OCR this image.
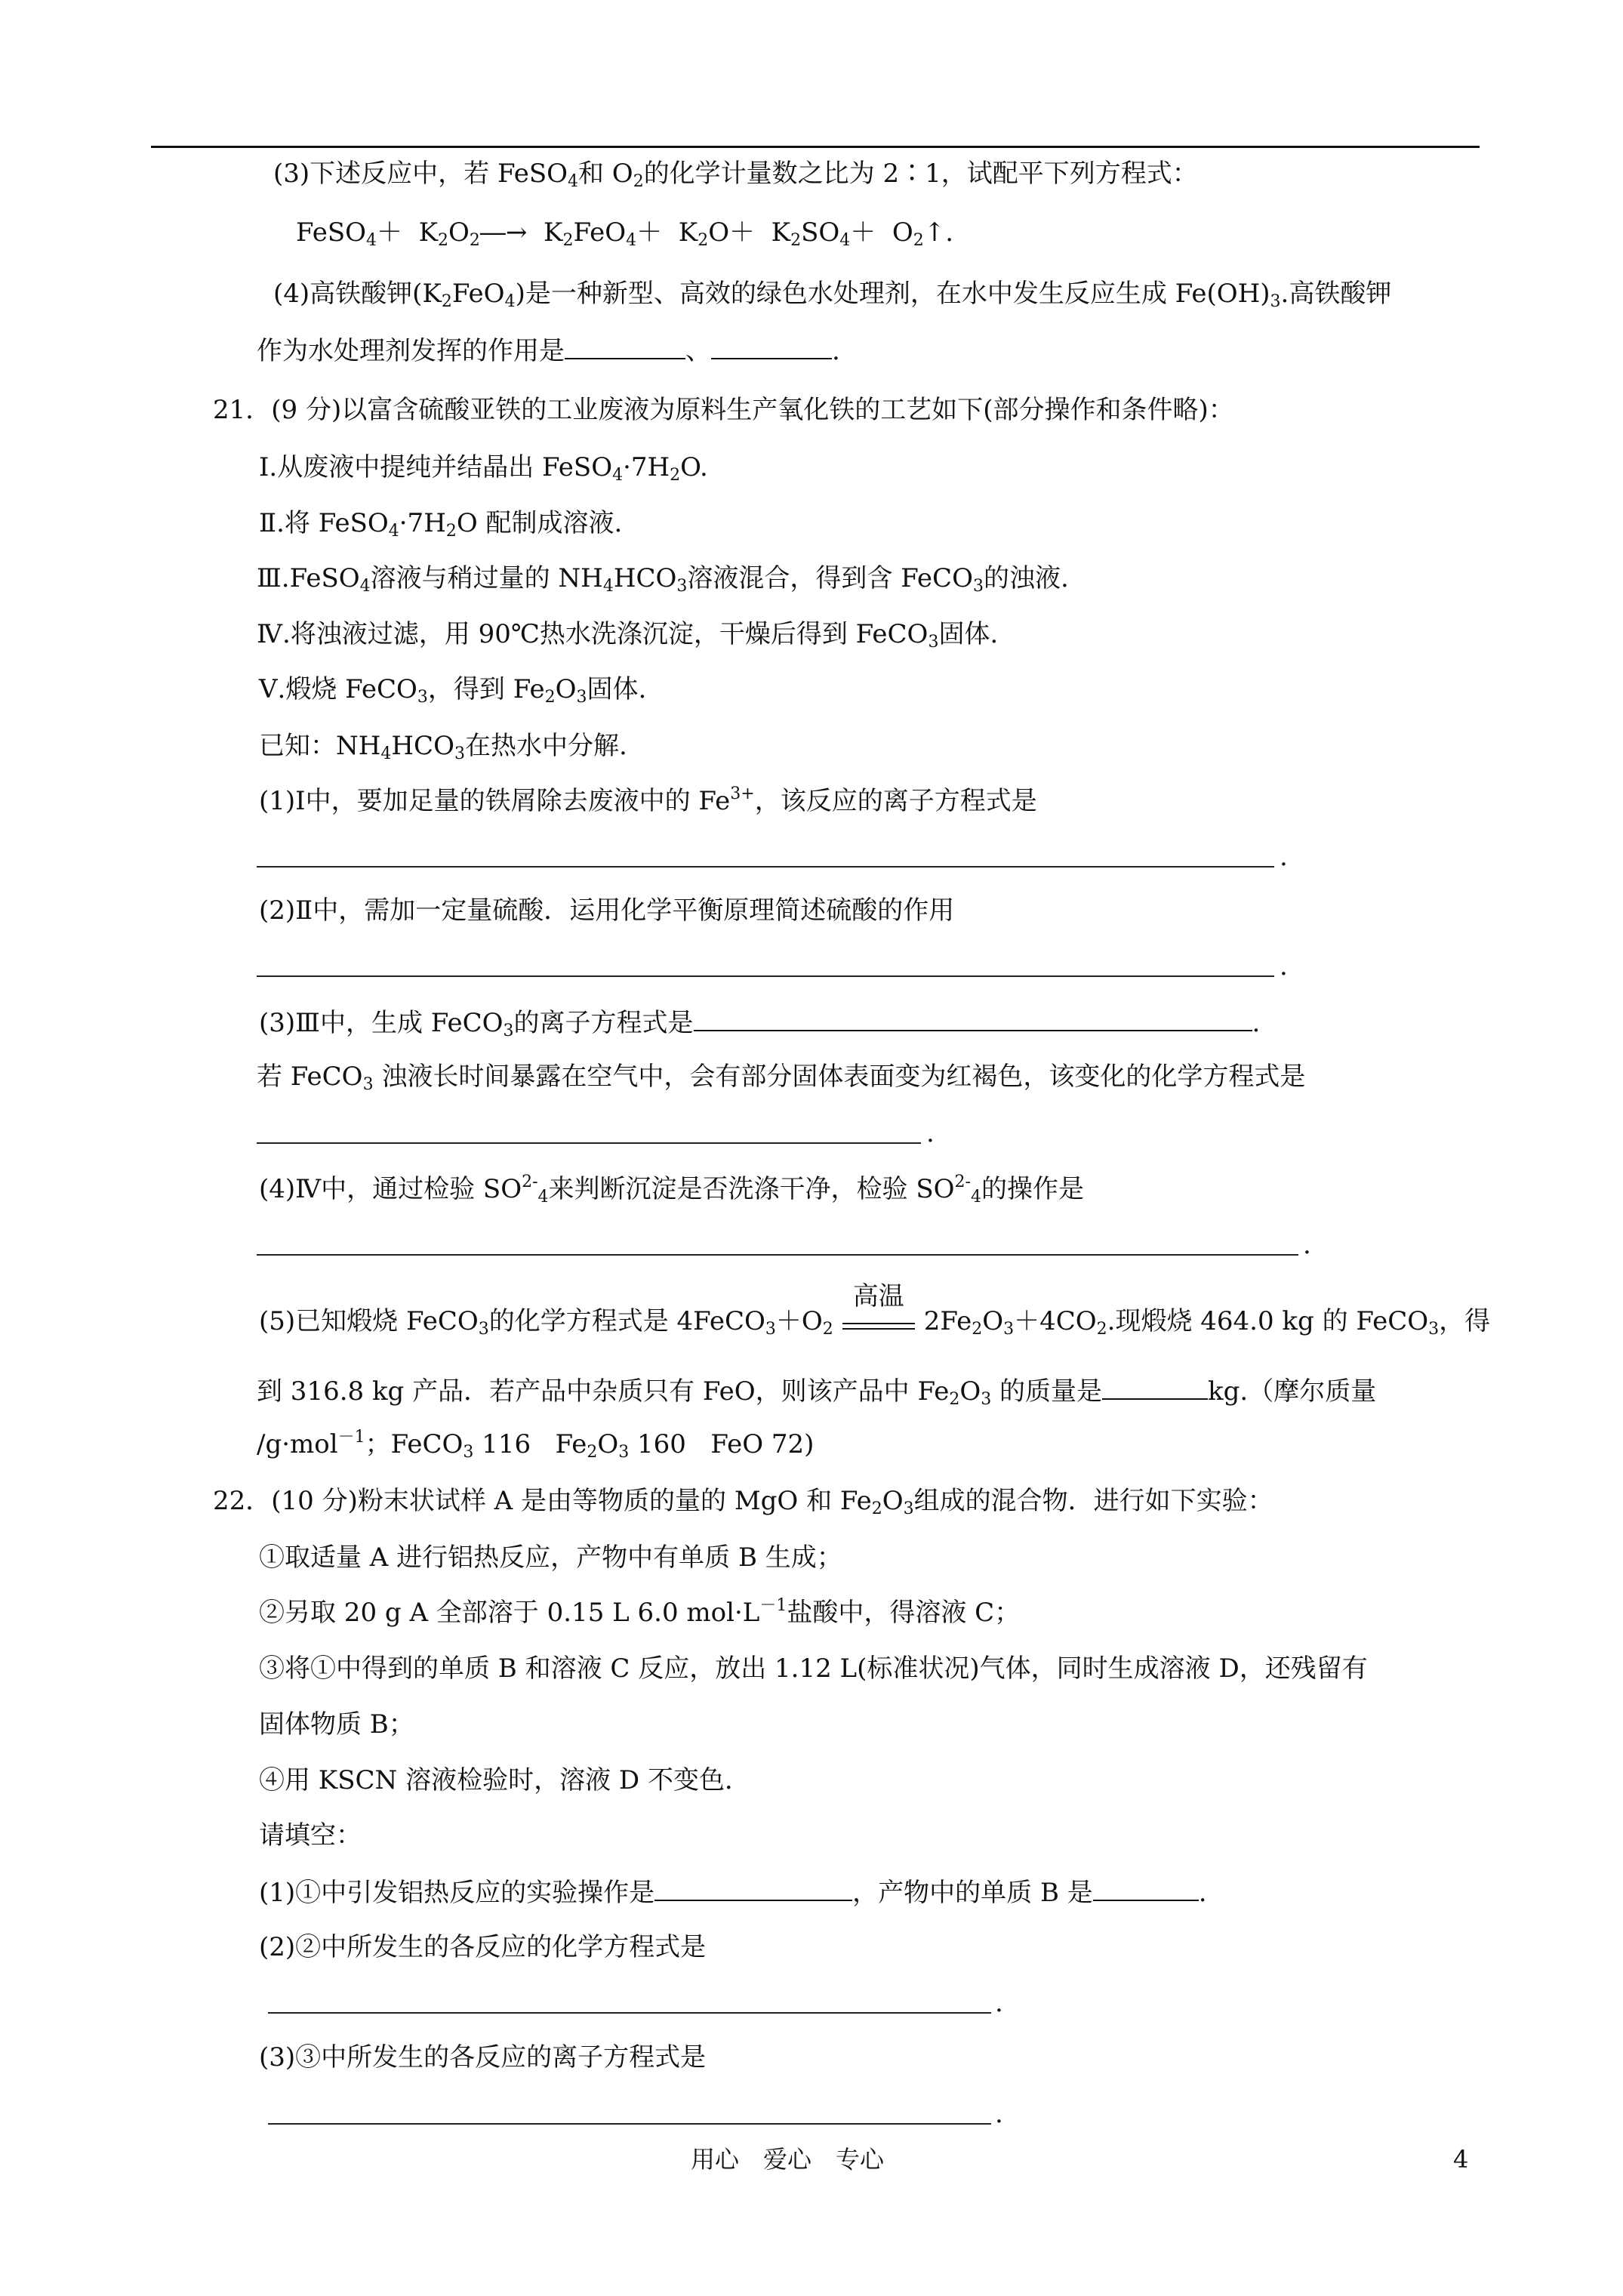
(3)下述反应中，若 FeSO$_4$和 $O_2$的化学计量数之比为 2∶1，试配平下列方程式：
FeSO$_4$＋  $K_2O_2―\to K_2FeO_4+ K_2O+ K_2SO_4+$  $O_2↑$.
(4)高铁酸钾$(K_2FeO_4)$是一种新型、高效的绿色水处理剂，在水中发生反应生成 $Fe(OH)_3$.高铁酸钾
作为水处理剂发挥的作用是	、	.
21．(9 分)以富含硫酸亚铁的工业废液为原料生产氧化铁的工艺如下(部分操作和条件略)：
Ⅰ.从废液中提纯并结晶出 $FeSO_4\cdot 7H_2O$.
Ⅱ.将 $FeSO_4\cdot 7H_2O$ 配制成溶液.
Ⅲ.FeSO$_4$溶液与稍过量的 $NH_4HCO_3$溶液混合，得到含 FeCO$_3$的浊液.
Ⅳ.将浊液过滤，用 90℃热水洗涤沉淀，干燥后得到 FeCO$_3$固体.
Ⅴ.煅烧 FeCO$_3$，得到 $Fe_2O_3$固体.
已知：$NH_4HCO_3$在热水中分解.
(1)Ⅰ中，要加足量的铁屑除去废液中的 $Fe^{3+}$，该反应的离子方程式是
.
(2)Ⅱ中，需加一定量硫酸．运用化学平衡原理简述硫酸的作用
.
(3)Ⅲ中，生成 FeCO$_3$的离子方程式是	.
若 FeCO$_3$ 浊液长时间暴露在空气中，会有部分固体表面变为红褐色，该变化的化学方程式是
.
(4)Ⅳ中，通过检验 $SO^{2-}_4$来判断沉淀是否洗涤干净，检验 $SO^{2-}_4$的操作是
.
(5)已知煅烧 FeCO$_3$的化学方程式是 $4FeCO_3+O_2$
高温
$2Fe_2O_3+4CO_2$.现煅烧 464.0 kg 的 FeCO$_3$，得
到 316.8 kg 产品．若产品中杂质只有 FeO，则该产品中 $Fe_2O_3$ 的质量是	kg.（摩尔质量
/g·mol$^{-1}$；FeCO$_3$ 116   $Fe_2O_3$ 160   FeO 72)
22．(10 分)粉末状试样 A 是由等物质的量的 MgO 和 $Fe_2O_3$组成的混合物．进行如下实验：
①取适量 A 进行铝热反应，产物中有单质 B 生成；
②另取 20 g A 全部溶于 0.15 L 6.0 $mol\cdot L^{-1}$盐酸中，得溶液 C；
③将①中得到的单质 B 和溶液 C 反应，放出 1.12 L(标准状况)气体，同时生成溶液 D，还残留有
固体物质 B；
④用 KSCN 溶液检验时，溶液 D 不变色．
请填空：
(1)①中引发铝热反应的实验操作是	，产物中的单质 B 是	.
(2)②中所发生的各反应的化学方程式是
.
(3)③中所发生的各反应的离子方程式是
.
用心　爱心　专心	4
